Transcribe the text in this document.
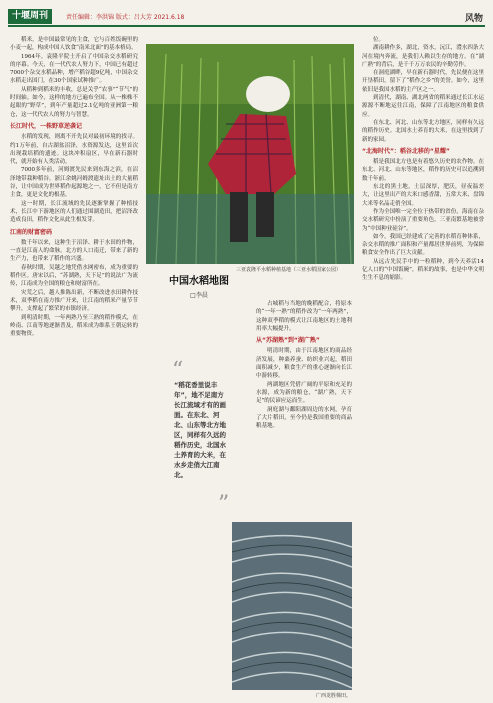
十堰周刊	责任编辑：李洪锦 版式：吕大芳 2021.6.18	风物

稻米，是中国最常见的主食，它与百姓饭碗里的小麦一起，构成中国人饮食“南米北面”的基本格局。

1964年，袁隆平院士开启了中国杂交水稻研究的序幕。今天，在一代代农人努力下，中国已有超过7000个杂交水稻品种，增产稻谷超9亿吨，中国杂交水稻走出国门，在30个国家试种推广。

从稻种到稻米的丰收，总是关乎“农事”“节气”的时间轴。如今，这样的地方已遍布全国。从一株株不起眼的“野草”，到年产量超过2.1亿吨的亚洲第一粮仓，这一代代农人的努力与智慧。

长江时代，一株野草逆袭记

水稻的发现，则离不开先民对最初环境的找寻。约1万年前，自古湖盆沼泽，水资源发达，这里首次出现栽培稻的遗迹。这块冲积扇区，早在新石器时代，就开始有人类活动。

7000多年前，河姆渡先民来到东海之滨，在沼泽地带栽种稻谷。浙江余姚河姆渡遗址出土的大量稻谷，让中国成为世界稻作起源地之一，它不但是南方主食，更是文化的根基。

这一时期，长江流域的先民逐渐掌握了种植技术，长江中下游地区的人们通过围湖造田，把沼泽改造成良田，稻作文化从此生根发芽。

江南的财富密码

数千年以来，这种生于沼泽、耕于水田的作物，一直是江南人的命脉。北方的人口南迁，带来了新的生产力，也带来了稻作的兴盛。

春秋时期，吴越之地凭借水网密布，成为重要的稻作区。唐宋以后，“苏湖熟，天下足”的说法广为流传，江南成为全国的粮仓和财富所在。

灾荒之后，越人推陈出新，不断改进水田耕作技术，双季稻在南方推广开来，让江南的稻米产量节节攀升，支撑起了繁荣的市镇经济。

到明清时期，一年两熟乃至三熟的稻作模式，在岭南、江南等地逐渐普及，稻米成为维系王朝运转的重要物资。

三亚袁隆平水稻种植基地（三亚水稻国家公园）
中国水稻地图
□李晨
“
“稻花香里说丰年”，地不足南方长江流域才有的画面。在东北、河北、山东等北方地区，同样有久远的稻作历史，北国水土养育的大米，在水乡走俏大江南北。
”

占城稻与当地的晚稻配合，将原本的“一年一熟”的稻作改为“一年两熟”，这种双季稻的模式让江南地区的土地利用率大幅提升。

从“苏湖熟”到“湖广熟”

明清时期，由于江南地区的商品经济发展，种桑养蚕、纺织业兴起，稻田面积减少，粮食生产的重心逐渐向长江中游转移。

两湖地区凭借广阔的平原和充足的水源，成为新的粮仓，“湖广熟，天下足”的民谚应运而生。

洞庭湖与鄱阳湖周边的水网，孕育了大片稻田，至今仍是我国重要的商品粮基地。

广西龙胜梯田。

位。

湖南耕作多，湖北，资水，沅江，澧水四条大河在境内奔流，是我们人赖以生存的地方。在“湖广熟”的背后，是千千万万农民的辛勤劳作。

在洞庭湖畔，早在新石器时代，先民便在这里开垦稻田，留下了“稻作之乡”的美誉。如今，这里依旧是我国水稻的主产区之一。

到清代，湖南、湖北两省的稻米通过长江水运源源不断地运往江南，保障了江南地区的粮食供应。

在东北、河北、山东等北方地区，同样有久远的稻作历史。北国水土养育的大米，在这里找到了新的家园。

“北海时代”：稻谷北移的“星耀”

稻是我国北方也是有着悠久历史的农作物。在东北、河北、山东等地区，稻作的历史可以追溯到数千年前。

东北的黑土地，土层深厚，肥沃，昼夜温差大，让这里出产的大米口感香甜，五常大米、盘锦大米等名品走俏全国。

作为全国唯一完全位于热带的省份，海南在杂交水稻研究中扮演了重要角色，三亚南繁基地被誉为“中国种业硅谷”。

如今，我国已经建成了完善的水稻育种体系，杂交水稻的推广面积和产量都居世界前列，为保障粮食安全作出了巨大贡献。

从远古先民手中的一粒稻种，到今天养活14亿人口的“中国饭碗”，稻米的故事，也是中华文明生生不息的缩影。
